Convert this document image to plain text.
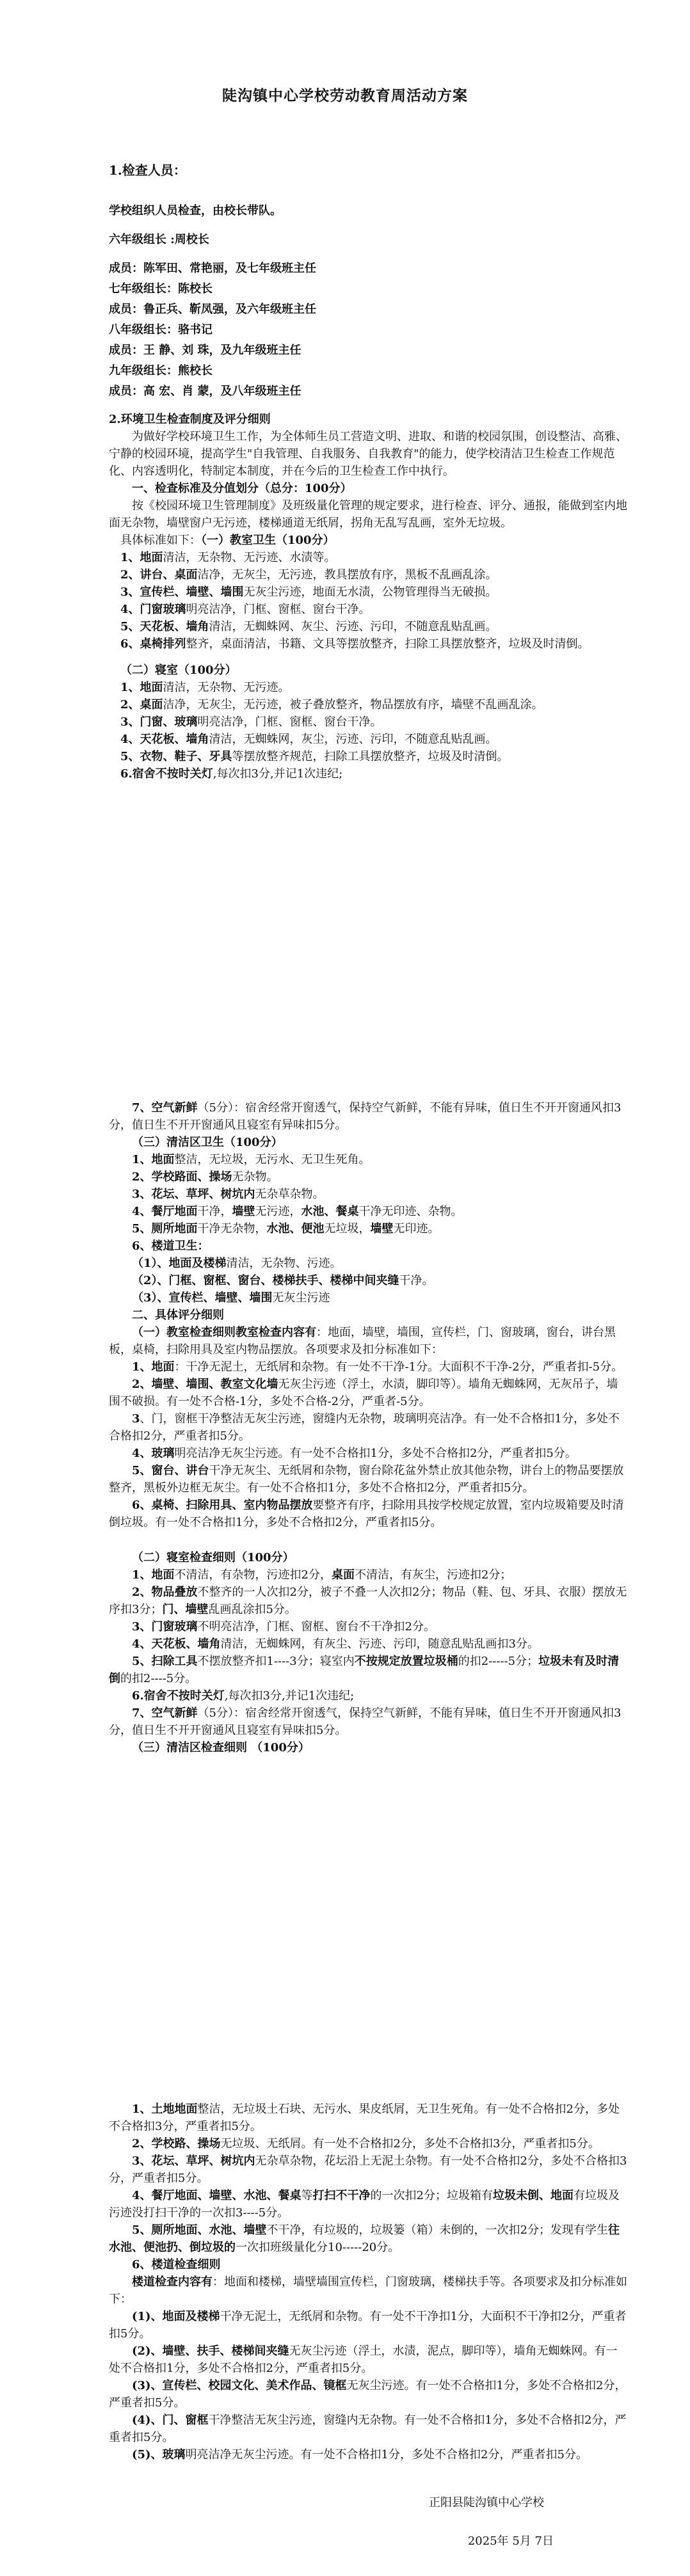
陡沟镇中心学校劳动教育周活动方案

1.检查人员：

学校组织人员检查，由校长带队。

六年级组长 :周校长

成员：陈军田、常艳丽，及七年级班主任

七年级组长：陈校长

成员：鲁正兵、靳凤强，及六年级班主任

八年级组长：骆书记

成员：王 静、刘 珠，及九年级班主任

九年级组长：熊校长

成员：高 宏、肖 蒙，及八年级班主任

2.环境卫生检查制度及评分细则

为做好学校环境卫生工作，为全体师生员工营造文明、进取、和谐的校园氛围，创设整洁、高雅、宁静的校园环境，提高学生"自我管理、自我服务、自我教育"的能力，使学校清洁卫生检查工作规范化、内容透明化，特制定本制度，并在今后的卫生检查工作中执行。

一、检查标准及分值划分（总分：100分）

按《校园环境卫生管理制度》及班级量化管理的规定要求，进行检查、评分、通报，能做到室内地面无杂物，墙壁窗户无污迹，楼梯通道无纸屑，拐角无乱写乱画，室外无垃圾。

具体标准如下：（一）教室卫生（100分）

1、地面清洁，无杂物、无污迹、水渍等。

2、讲台、桌面洁净，无灰尘，无污迹，教具摆放有序，黑板不乱画乱涂。

3、宣传栏、墙壁、墙围无灰尘污迹，地面无水渍，公物管理得当无破损。

4、门窗玻璃明亮洁净，门框、窗框、窗台干净。

5、天花板、墙角清洁，无蜘蛛网、灰尘、污迹、污印，不随意乱贴乱画。

6、桌椅排列整齐，桌面清洁，书籍、文具等摆放整齐，扫除工具摆放整齐，垃圾及时清倒。

（二）寝室（100分）

1、地面清洁，无杂物、无污迹。

2、桌面洁净，无灰尘，无污迹，被子叠放整齐，物品摆放有序，墙壁不乱画乱涂。

3、门窗、玻璃明亮洁净，门框、窗框、窗台干净。

4、天花板、墙角清洁，无蜘蛛网，灰尘，污迹、污印，不随意乱贴乱画。

5、衣物、鞋子、牙具等摆放整齐规范，扫除工具摆放整齐，垃圾及时清倒。

6.宿舍不按时关灯,每次扣3分,并记1次违纪;

7、空气新鲜（5分）：宿舍经常开窗透气，保持空气新鲜，不能有异味，值日生不开开窗通风扣3分，值日生不开开窗通风且寝室有异味扣5分。

（三）清洁区卫生（100分）

1、地面整洁，无垃圾，无污水、无卫生死角。

2、学校路面、操场无杂物。

3、花坛、草坪、树坑内无杂草杂物。

4、餐厅地面干净，墙壁无污迹，水池、餐桌干净无印迹、杂物。

5、厕所地面干净无杂物，水池、便池无垃圾，墙壁无印迹。

6、楼道卫生：

（1）、地面及楼梯清洁，无杂物、污迹。

（2）、门框、窗框、窗台、楼梯扶手、楼梯中间夹缝干净。

（3）、宣传栏、墙壁、墙围无灰尘污迹

二、具体评分细则

（一）教室检查细则教室检查内容有：地面，墙壁，墙围，宣传栏，门、窗玻璃，窗台，讲台黑板，桌椅，扫除用具及室内物品摆放。各项要求及扣分标准如下：

1、地面：干净无泥土，无纸屑和杂物。有一处不干净-1分。大面积不干净-2分，严重者扣-5分。

2、墙壁、墙围、教室文化墙无灰尘污迹（浮土，水渍，脚印等）。墙角无蜘蛛网，无灰吊子，墙围不破损。有一处不合格-1分，多处不合格-2分，严重者-5分。

3、门，窗框干净整洁无灰尘污迹，窗缝内无杂物，玻璃明亮洁净。有一处不合格扣1分，多处不合格扣2分，严重者扣5分。

4、玻璃明亮洁净无灰尘污迹。有一处不合格扣1分，多处不合格扣2分，严重者扣5分。

5、窗台、讲台干净无灰尘、无纸屑和杂物，窗台除花盆外禁止放其他杂物，讲台上的物品要摆放整齐，黑板外边框无灰尘。有一处不合格扣1分，多处不合格扣2分，严重者扣5分。

6、桌椅、扫除用具、室内物品摆放要整齐有序，扫除用具按学校规定放置，室内垃圾箱要及时清倒垃圾。有一处不合格扣1分，多处不合格扣2分，严重者扣5分。

（二）寝室检查细则（100分）

1、地面不清洁，有杂物，污迹扣2分，桌面不清洁，有灰尘，污迹扣2分；

2、物品叠放不整齐的一人次扣2分，被子不叠一人次扣2分；物品（鞋、包、牙具、衣服）摆放无序扣3分；门、墙壁乱画乱涂扣5分。

3、门窗玻璃不明亮洁净，门框、窗框、窗台不干净扣2分。

4、天花板、墙角清洁，无蜘蛛网，有灰尘、污迹、污印，随意乱贴乱画扣3分。

5、扫除工具不摆放整齐扣1----3分；寝室内不按规定放置垃圾桶的扣2-----5分；垃圾未有及时清倒的扣2----5分。

6.宿舍不按时关灯,每次扣3分,并记1次违纪;

7、空气新鲜（5分）：宿舍经常开窗透气，保持空气新鲜，不能有异味，值日生不开开窗通风扣3分，值日生不开开窗通风且寝室有异味扣5分。

（三）清洁区检查细则 （100分）

1、土地地面整洁，无垃圾土石块、无污水、果皮纸屑，无卫生死角。有一处不合格扣2分，多处不合格扣3分，严重者扣5分。

2、学校路、操场无垃圾、无纸屑。有一处不合格扣2分，多处不合格扣3分，严重者扣5分。

3、花坛、草坪、树坑内无杂草杂物，花坛沿上无泥土杂物。有一处不合格扣2分，多处不合格扣3分，严重者扣5分。

4、餐厅地面、墙壁、水池、餐桌等打扫不干净的一次扣2分；垃圾箱有垃圾未倒、地面有垃圾及污迹没打扫干净的一次扣3----5分。

5、厕所地面、水池、墙壁不干净，有垃圾的，垃圾篓（箱）未倒的，一次扣2分；发现有学生往水池、便池扔、倒垃圾的一次扣班级量化分10-----20分。

6、楼道检查细则

楼道检查内容有：地面和楼梯，墙壁墙围宣传栏，门窗玻璃，楼梯扶手等。各项要求及扣分标准如下：

(1)、地面及楼梯干净无泥土，无纸屑和杂物。有一处不干净扣1分，大面积不干净扣2分，严重者扣5分。

(2)、墙壁、扶手、楼梯间夹缝无灰尘污迹（浮土，水渍，泥点，脚印等），墙角无蜘蛛网。有一处不合格扣1分，多处不合格扣2分，严重者扣5分。

(3)、宣传栏、校园文化、美术作品、镜框无灰尘污迹。有一处不合格扣1分，多处不合格扣2分，严重者扣5分。

(4)、门、窗框干净整洁无灰尘污迹，窗缝内无杂物。有一处不合格扣1分，多处不合格扣2分，严重者扣5分。

(5)、玻璃明亮洁净无灰尘污迹。有一处不合格扣1分，多处不合格扣2分，严重者扣5分。

正阳县陡沟镇中心学校
2025年 5月 7日
